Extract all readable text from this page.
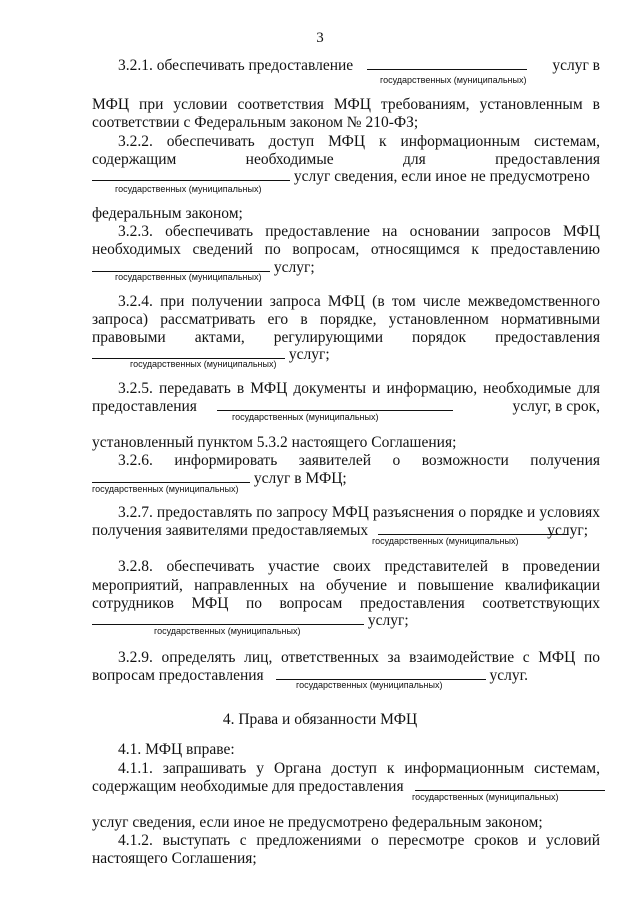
3
3.2.1. обеспечивать предоставление	услуг в
государственных (муниципальных)
МФЦ при условии соответствия МФЦ требованиям, установленным в
соответствии с Федеральным законом № 210-ФЗ;
3.2.2. обеспечивать доступ МФЦ к информационным системам,
содержащим необходимые для предоставления
услуг сведения, если иное не предусмотрено
государственных (муниципальных)
федеральным законом;
3.2.3. обеспечивать предоставление на основании запросов МФЦ
необходимых сведений по вопросам, относящимся к предоставлению
услуг;
государственных (муниципальных)
3.2.4. при получении запроса МФЦ (в том числе межведомственного
запроса) рассматривать его в порядке, установленном нормативными
правовыми актами, регулирующими порядок предоставления
услуг;
государственных (муниципальных)
3.2.5. передавать в МФЦ документы и информацию, необходимые для
предоставления	услуг, в срок,
государственных (муниципальных)
установленный пунктом 5.3.2 настоящего Соглашения;
3.2.6. информировать заявителей о возможности получения
услуг в МФЦ;
государственных (муниципальных)
3.2.7. предоставлять по запросу МФЦ разъяснения о порядке и условиях
получения заявителями предоставляемых	услуг;
государственных (муниципальных)
3.2.8. обеспечивать участие своих представителей в проведении
мероприятий, направленных на обучение и повышение квалификации
сотрудников МФЦ по вопросам предоставления соответствующих
услуг;
государственных (муниципальных)
3.2.9. определять лиц, ответственных за взаимодействие с МФЦ по
вопросам предоставления	услуг.
государственных (муниципальных)
4. Права и обязанности МФЦ
4.1. МФЦ вправе:
4.1.1. запрашивать у Органа доступ к информационным системам,
содержащим необходимые для предоставления
государственных (муниципальных)
услуг сведения, если иное не предусмотрено федеральным законом;
4.1.2. выступать с предложениями о пересмотре сроков и условий
настоящего Соглашения;
